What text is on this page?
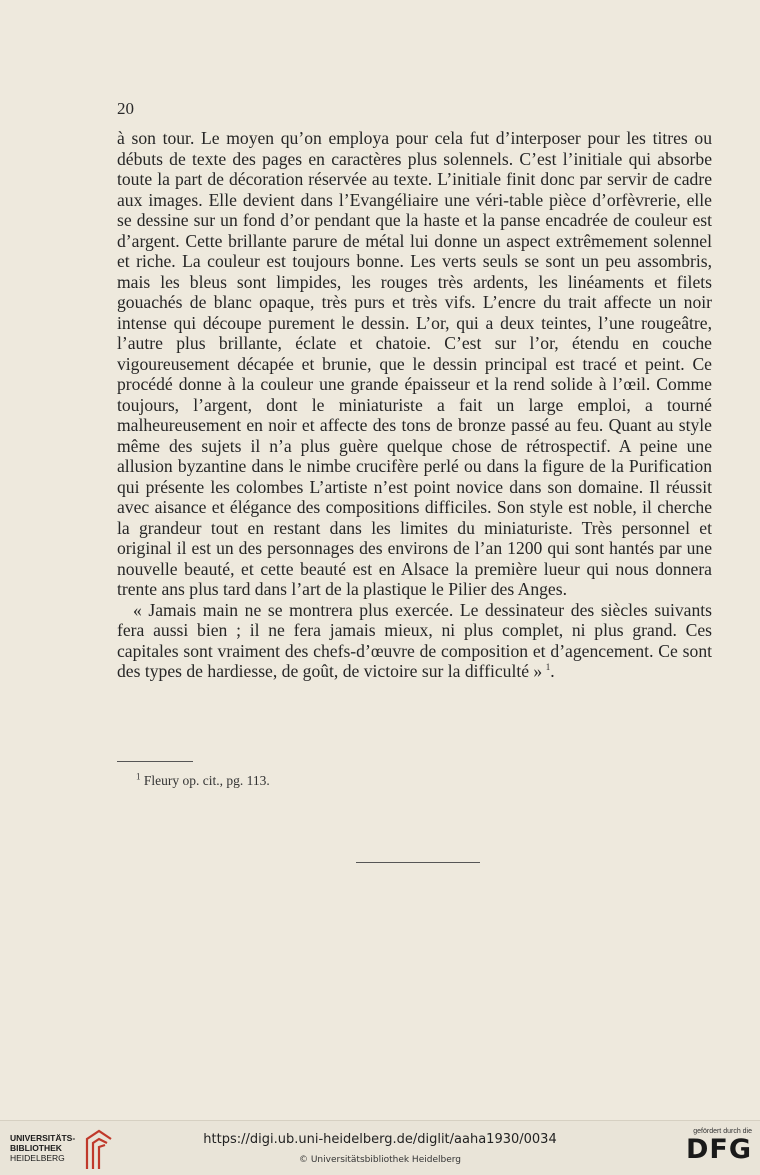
20

à son tour. Le moyen qu’on employa pour cela fut d’interposer pour les titres ou débuts de texte des pages en caractères plus solennels. C’est l’initiale qui absorbe toute la part de décoration réservée au texte. L’initiale finit donc par servir de cadre aux images. Elle devient dans l’Evangéliaire une véri-table pièce d’orfèvrerie, elle se dessine sur un fond d’or pendant que la haste et la panse encadrée de couleur est d’argent. Cette brillante parure de métal lui donne un aspect extrêmement solennel et riche. La couleur est toujours bonne. Les verts seuls se sont un peu assombris, mais les bleus sont limpides, les rouges très ardents, les linéaments et filets gouachés de blanc opaque, très purs et très vifs. L’encre du trait affecte un noir intense qui découpe purement le dessin. L’or, qui a deux teintes, l’une rougeâtre, l’autre plus brillante, éclate et chatoie. C’est sur l’or, étendu en couche vigoureusement décapée et brunie, que le dessin principal est tracé et peint. Ce procédé donne à la couleur une grande épaisseur et la rend solide à l’œil. Comme toujours, l’argent, dont le miniaturiste a fait un large emploi, a tourné malheureusement en noir et affecte des tons de bronze passé au feu. Quant au style même des sujets il n’a plus guère quelque chose de rétrospectif. A peine une allusion byzantine dans le nimbe crucifère perlé ou dans la figure de la Purification qui présente les colombes L’artiste n’est point novice dans son domaine. Il réussit avec aisance et élégance des compositions difficiles. Son style est noble, il cherche la grandeur tout en restant dans les limites du miniaturiste. Très personnel et original il est un des personnages des environs de l’an 1200 qui sont hantés par une nouvelle beauté, et cette beauté est en Alsace la première lueur qui nous donnera trente ans plus tard dans l’art de la plastique le Pilier des Anges.

« Jamais main ne se montrera plus exercée. Le dessinateur des siècles suivants fera aussi bien ; il ne fera jamais mieux, ni plus complet, ni plus grand. Ces capitales sont vraiment des chefs-d’œuvre de composition et d’agencement. Ce sont des types de hardiesse, de goût, de victoire sur la difficulté »  $^1$.

$^1$ Fleury op. cit., pg. 113.
UNIVERSITÄTS-
BIBLIOTHEK
HEIDELBERG
https://digi.ub.uni-heidelberg.de/diglit/aaha1930/0034
© Universitätsbibliothek Heidelberg
gefördert durch die
DFG
